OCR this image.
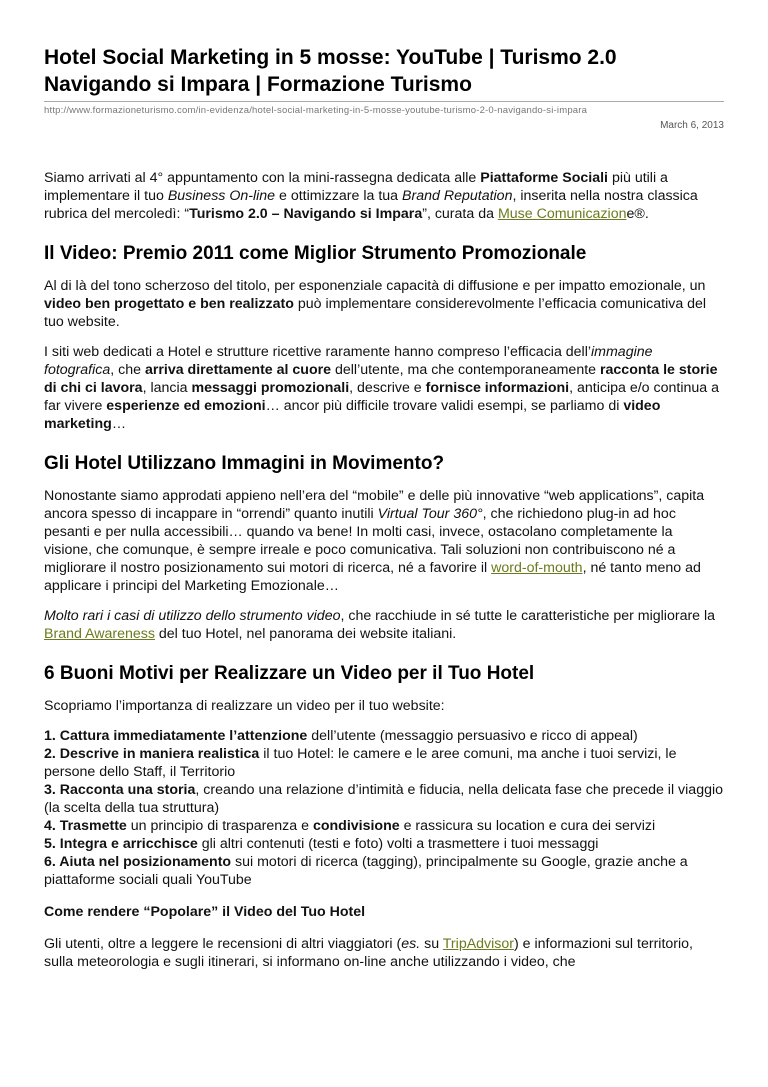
Hotel Social Marketing in 5 mosse: YouTube | Turismo 2.0
Navigando si Impara | Formazione Turismo
http://www.formazioneturismo.com/in-evidenza/hotel-social-marketing-in-5-mosse-youtube-turismo-2-0-navigando-si-impara
March 6, 2013

Siamo arrivati al 4° appuntamento con la mini-rassegna dedicata alle Piattaforme Sociali più utili a implementare il tuo Business On-line e ottimizzare la tua Brand Reputation, inserita nella nostra classica rubrica del mercoledì: “Turismo 2.0 – Navigando si Impara”, curata da Muse Comunicazione®.

Il Video: Premio 2011 come Miglior Strumento Promozionale

Al di là del tono scherzoso del titolo, per esponenziale capacità di diffusione e per impatto emozionale, un video ben progettato e ben realizzato può implementare considerevolmente l’efficacia comunicativa del tuo website.

I siti web dedicati a Hotel e strutture ricettive raramente hanno compreso l’efficacia dell’immagine fotografica, che arriva direttamente al cuore dell’utente, ma che contemporaneamente racconta le storie di chi ci lavora, lancia messaggi promozionali, descrive e fornisce informazioni, anticipa e/o continua a far vivere esperienze ed emozioni… ancor più difficile trovare validi esempi, se parliamo di video marketing…

Gli Hotel Utilizzano Immagini in Movimento?

Nonostante siamo approdati appieno nell’era del “mobile” e delle più innovative “web applications”, capita ancora spesso di incappare in “orrendi” quanto inutili Virtual Tour 360°, che richiedono plug-in ad hoc pesanti e per nulla accessibili… quando va bene! In molti casi, invece, ostacolano completamente la visione, che comunque, è sempre irreale e poco comunicativa. Tali soluzioni non contribuiscono né a migliorare il nostro posizionamento sui motori di ricerca, né a favorire il word-of-mouth, né tanto meno ad applicare i principi del Marketing Emozionale…

Molto rari i casi di utilizzo dello strumento video, che racchiude in sé tutte le caratteristiche per migliorare la Brand Awareness del tuo Hotel, nel panorama dei website italiani.

6 Buoni Motivi per Realizzare un Video per il Tuo Hotel

Scopriamo l’importanza di realizzare un video per il tuo website:

1. Cattura immediatamente l’attenzione dell’utente (messaggio persuasivo e ricco di appeal)

2. Descrive in maniera realistica il tuo Hotel: le camere e le aree comuni, ma anche i tuoi servizi, le persone dello Staff, il Territorio

3. Racconta una storia, creando una relazione d’intimità e fiducia, nella delicata fase che precede il viaggio (la scelta della tua struttura)

4. Trasmette un principio di trasparenza e condivisione e rassicura su location e cura dei servizi

5. Integra e arricchisce gli altri contenuti (testi e foto) volti a trasmettere i tuoi messaggi

6. Aiuta nel posizionamento sui motori di ricerca (tagging), principalmente su Google, grazie anche a piattaforme sociali quali YouTube

Come rendere “Popolare” il Video del Tuo Hotel

Gli utenti, oltre a leggere le recensioni di altri viaggiatori (es. su TripAdvisor) e informazioni sul territorio, sulla meteorologia e sugli itinerari, si informano on-line anche utilizzando i video, che
